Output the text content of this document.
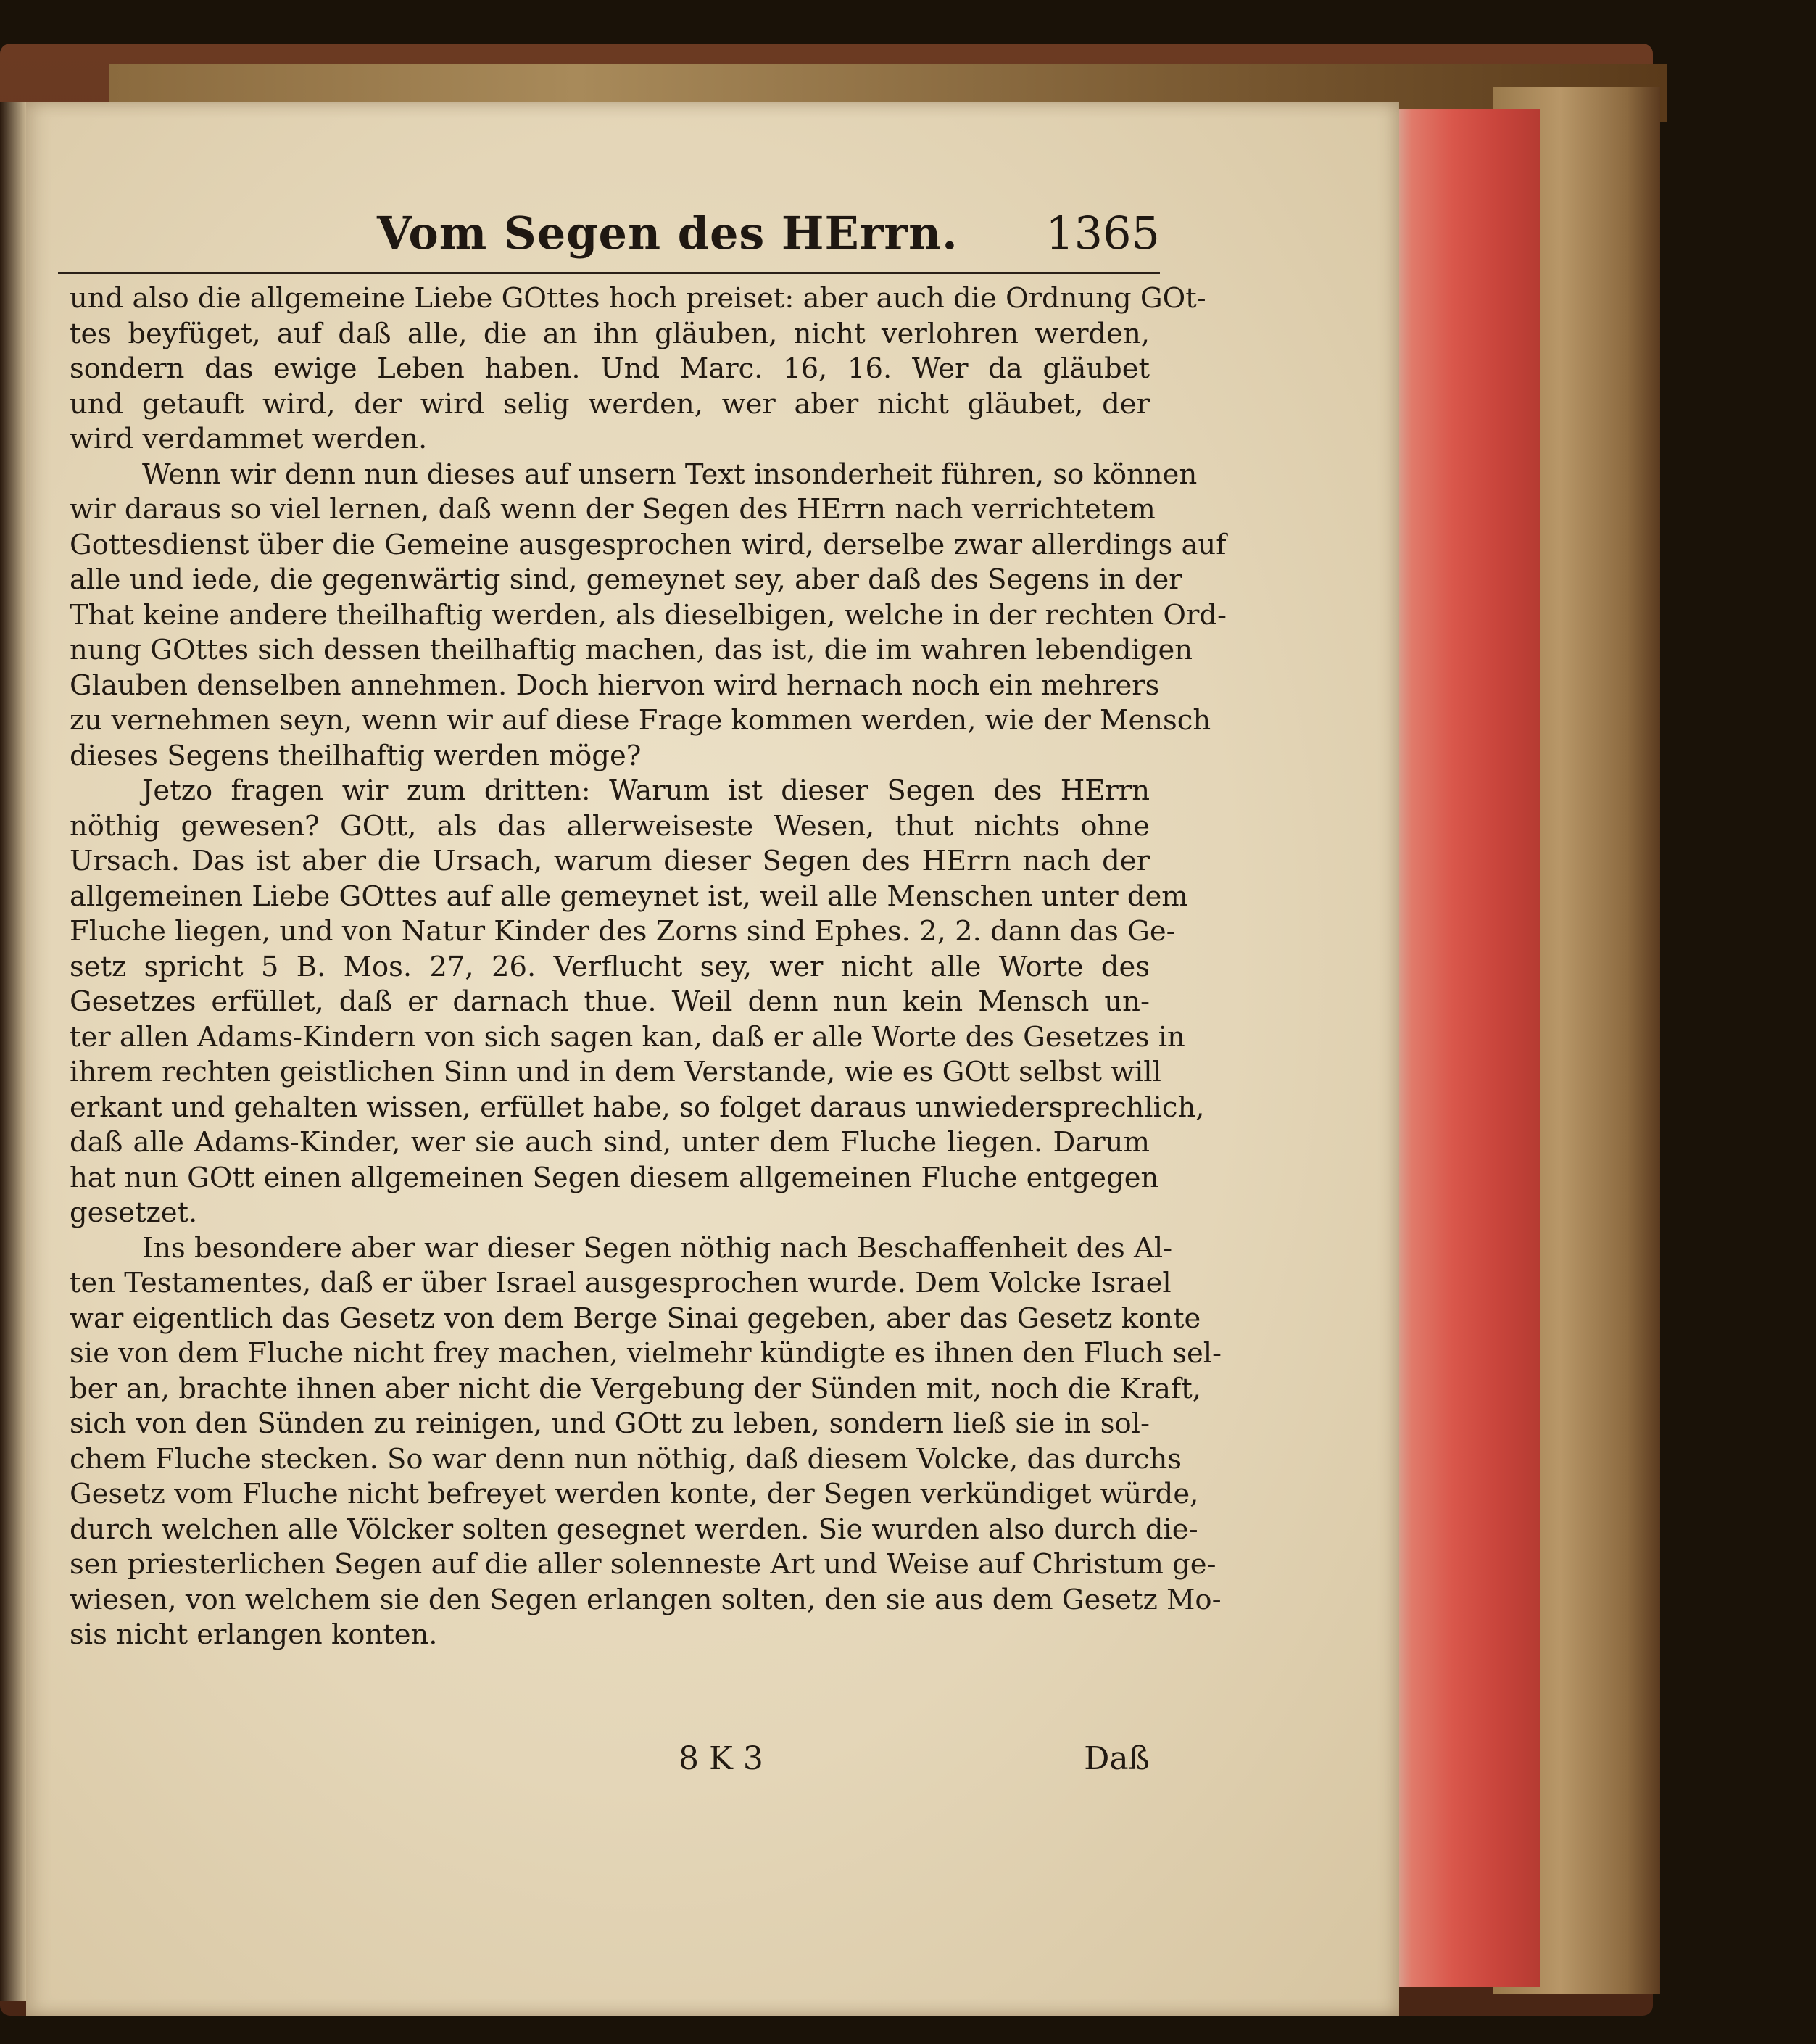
Vom Segen des HErrn. 1365

und also die allgemeine Liebe GOttes hoch preiset: aber auch die Ordnung GOt-

tes beyfüget, auf daß alle, die an ihn gläuben, nicht verlohren werden,

sondern das ewige Leben haben. Und Marc. 16, 16. Wer da gläubet

und getauft wird, der wird selig werden, wer aber nicht gläubet, der

wird verdammet werden.

Wenn wir denn nun dieses auf unsern Text insonderheit führen, so können

wir daraus so viel lernen, daß wenn der Segen des HErrn nach verrichtetem

Gottesdienst über die Gemeine ausgesprochen wird, derselbe zwar allerdings auf

alle und iede, die gegenwärtig sind, gemeynet sey, aber daß des Segens in der

That keine andere theilhaftig werden, als dieselbigen, welche in der rechten Ord-

nung GOttes sich dessen theilhaftig machen, das ist, die im wahren lebendigen

Glauben denselben annehmen. Doch hiervon wird hernach noch ein mehrers

zu vernehmen seyn, wenn wir auf diese Frage kommen werden, wie der Mensch

dieses Segens theilhaftig werden möge?

Jetzo fragen wir zum dritten: Warum ist dieser Segen des HErrn

nöthig gewesen? GOtt, als das allerweiseste Wesen, thut nichts ohne

Ursach. Das ist aber die Ursach, warum dieser Segen des HErrn nach der

allgemeinen Liebe GOttes auf alle gemeynet ist, weil alle Menschen unter dem

Fluche liegen, und von Natur Kinder des Zorns sind Ephes. 2, 2. dann das Ge-

setz spricht 5 B. Mos. 27, 26. Verflucht sey, wer nicht alle Worte des

Gesetzes erfüllet, daß er darnach thue. Weil denn nun kein Mensch un-

ter allen Adams-Kindern von sich sagen kan, daß er alle Worte des Gesetzes in

ihrem rechten geistlichen Sinn und in dem Verstande, wie es GOtt selbst will

erkant und gehalten wissen, erfüllet habe, so folget daraus unwiedersprechlich,

daß alle Adams-Kinder, wer sie auch sind, unter dem Fluche liegen. Darum

hat nun GOtt einen allgemeinen Segen diesem allgemeinen Fluche entgegen

gesetzet.

Ins besondere aber war dieser Segen nöthig nach Beschaffenheit des Al-

ten Testamentes, daß er über Israel ausgesprochen wurde. Dem Volcke Israel

war eigentlich das Gesetz von dem Berge Sinai gegeben, aber das Gesetz konte

sie von dem Fluche nicht frey machen, vielmehr kündigte es ihnen den Fluch sel-

ber an, brachte ihnen aber nicht die Vergebung der Sünden mit, noch die Kraft,

sich von den Sünden zu reinigen, und GOtt zu leben, sondern ließ sie in sol-

chem Fluche stecken. So war denn nun nöthig, daß diesem Volcke, das durchs

Gesetz vom Fluche nicht befreyet werden konte, der Segen verkündiget würde,

durch welchen alle Völcker solten gesegnet werden. Sie wurden also durch die-

sen priesterlichen Segen auf die aller solenneste Art und Weise auf Christum ge-

wiesen, von welchem sie den Segen erlangen solten, den sie aus dem Gesetz Mo-

sis nicht erlangen konten.

8 K 3	Daß
